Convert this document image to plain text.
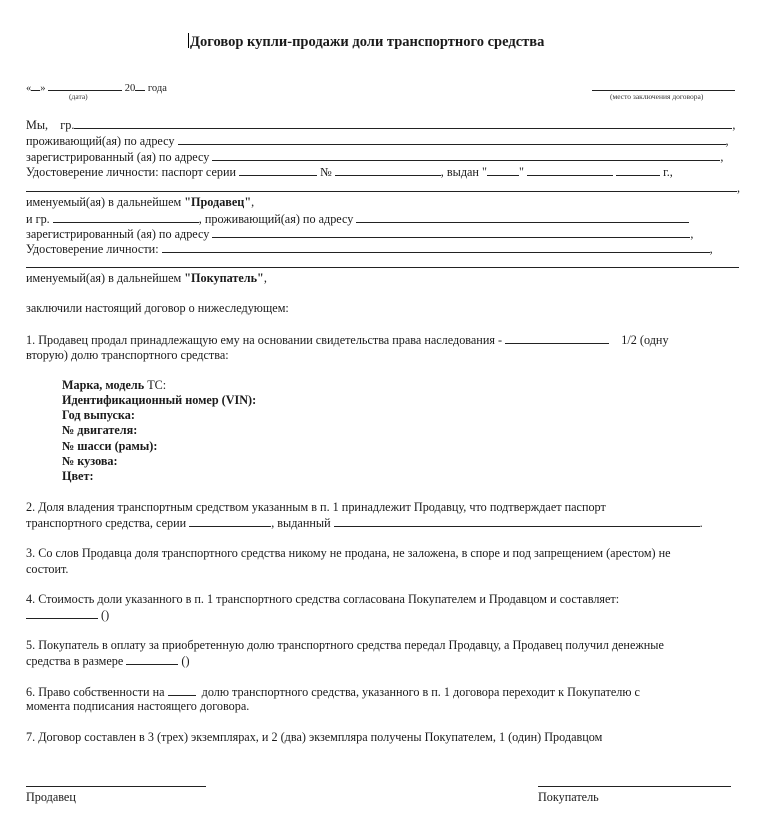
Договор купли-продажи доли транспортного средства
« »	20 года
(дата)	(место заключения договора)
Мы, гр.	,
проживающий(ая) по адресу	,
зарегистрированный (ая) по адресу	,
Удостоверение личности: паспорт серии	№	, выдан "	"	г.,
,
именуемый(ая) в дальнейшем "Продавец",
и гр.	, проживающий(ая) по адресу
зарегистрированный (ая) по адресу	,
Удостоверение личности:	,
именуемый(ая) в дальнейшем "Покупатель",
заключили настоящий договор о нижеследующем:
1. Продавец продал принадлежащую ему на основании свидетельства права наследования -	1/2 (одну
вторую) долю транспортного средства:
Марка, модель ТС:
Идентификационный номер (VIN):
Год выпуска:
№ двигателя:
№ шасси (рамы):
№ кузова:
Цвет:
2. Доля владения транспортным средством указанным в п. 1 принадлежит Продавцу, что подтверждает паспорт
транспортного средства, серии	, выданный	.
3. Со слов Продавца доля транспортного средства никому не продана, не заложена, в споре и под запрещением (арестом) не
состоит.
4. Стоимость доли указанного в п. 1 транспортного средства согласована Покупателем и Продавцом и составляет:
()
5. Покупатель в оплату за приобретенную долю транспортного средства передал Продавцу, а Продавец получил денежные
средства в размере	()
6. Право собственности на	долю транспортного средства, указанного в п. 1 договора переходит к Покупателю с
момента подписания настоящего договора.
7. Договор составлен в 3 (трех) экземплярах, и 2 (два) экземпляра получены Покупателем, 1 (один) Продавцом
Продавец	Покупатель
